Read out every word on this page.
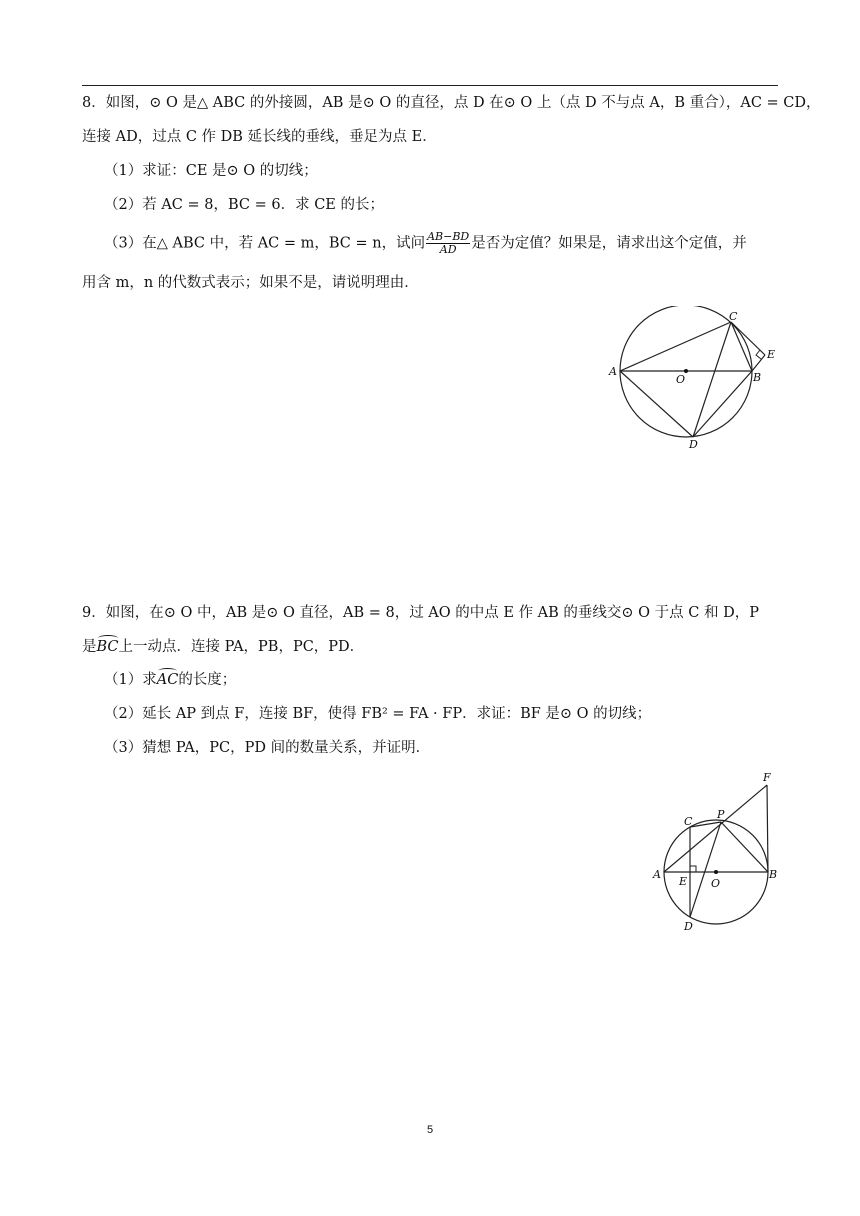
8．如图，⊙ O 是△ ABC 的外接圆，AB 是⊙ O 的直径，点 D 在⊙ O 上（点 D 不与点 A，B 重合），AC = CD，
连接 AD，过点 C 作 DB 延长线的垂线，垂足为点 E．
（1）求证：CE 是⊙ O 的切线；
（2）若 AC = 8，BC = 6．求 CE 的长；
（3）在△ ABC 中，若 AC = m，BC = n，试问 $\frac{AB-BD}{AD}$ 是否为定值？如果是，请求出这个定值，并
用含 m，n 的代数式表示；如果不是，请说明理由．
A
O	B
C
D
E
9．如图，在⊙ O 中，AB 是⊙ O 直径，AB = 8，过 AO 的中点 E 作 AB 的垂线交⊙ O 于点 C 和 D，P
是BC上一动点．连接 PA，PB，PC，PD．
（1）求AC的长度；
（2）延长 AP 到点 F，连接 BF，使得 FB² = FA · FP．求证：BF 是⊙ O 的切线；
（3）猜想 PA，PC，PD 间的数量关系，并证明．
F
P
C
A
E O
B
D
5
